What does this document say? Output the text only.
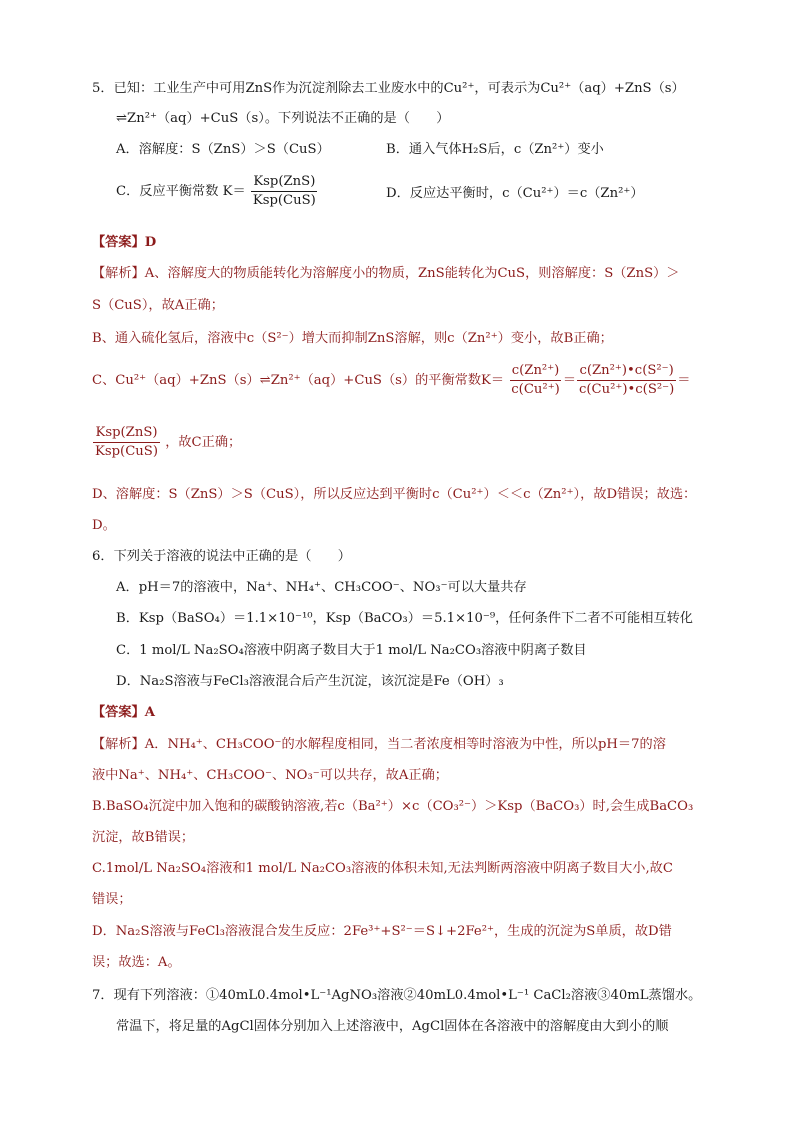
5．已知：工业生产中可用ZnS作为沉淀剂除去工业废水中的Cu²⁺，可表示为Cu²⁺（aq）+ZnS（s）
⇌Zn²⁺（aq）+CuS（s）。下列说法不正确的是（　　）
A．溶解度：S（ZnS）＞S（CuS）	B．通入气体H₂S后，c（Zn²⁺）变小
C．反应平衡常数 $K= \frac{\text{Ksp(ZnS)}}{\text{Ksp(CuS)}}$	D．反应达平衡时，c（Cu²⁺）＝c（Zn²⁺）
【答案】D
【解析】A、溶解度大的物质能转化为溶解度小的物质，ZnS能转化为CuS，则溶解度：S（ZnS）＞
S（CuS），故A正确；
B、通入硫化氢后，溶液中c（S²⁻）增大而抑制ZnS溶解，则c（Zn²⁺）变小，故B正确；
C、Cu²⁺（aq）+ZnS（s）⇌Zn²⁺（aq）+CuS（s）的平衡常数$K= \frac{\text{c(Zn²⁺)}}{\text{c(Cu²⁺)}} = \frac{\text{c(Zn²⁺)•c(S²⁻)}}{\text{c(Cu²⁺)•c(S²⁻)}}$ ＝
$\frac{\text{Ksp(ZnS)}}{\text{Ksp(CuS)}}$ ，故C正确；
D、溶解度：S（ZnS）＞S（CuS），所以反应达到平衡时c（Cu²⁺）＜＜c（Zn²⁺），故D错误；故选：
D。
6．下列关于溶液的说法中正确的是（　　）
A．pH＝7的溶液中，Na⁺、NH₄⁺、CH₃COO⁻、NO₃⁻可以大量共存
B．Ksp（BaSO₄）＝1.1×10⁻¹⁰，Ksp（BaCO₃）＝5.1×10⁻⁹，任何条件下二者不可能相互转化
C．1 mol/L Na₂SO₄溶液中阴离子数目大于1 mol/L Na₂CO₃溶液中阴离子数目
D．Na₂S溶液与FeCl₃溶液混合后产生沉淀，该沉淀是Fe（OH）₃
【答案】A
【解析】A．NH₄⁺、CH₃COO⁻的水解程度相同，当二者浓度相等时溶液为中性，所以pH＝7的溶
液中Na⁺、NH₄⁺、CH₃COO⁻、NO₃⁻可以共存，故A正确；
B.BaSO₄沉淀中加入饱和的碳酸钠溶液,若c（Ba²⁺）×c（CO₃²⁻）＞Ksp（BaCO₃）时,会生成BaCO₃
沉淀，故B错误；
C.1mol/L Na₂SO₄溶液和1 mol/L Na₂CO₃溶液的体积未知,无法判断两溶液中阴离子数目大小,故C
错误；
D．Na₂S溶液与FeCl₃溶液混合发生反应：2Fe³⁺+S²⁻＝S↓+2Fe²⁺，生成的沉淀为S单质，故D错
误；故选：A。
7．现有下列溶液：①40mL0.4mol•L⁻¹AgNO₃溶液②40mL0.4mol•L⁻¹ CaCl₂溶液③40mL蒸馏水。
常温下，将足量的AgCl固体分别加入上述溶液中，AgCl固体在各溶液中的溶解度由大到小的顺
